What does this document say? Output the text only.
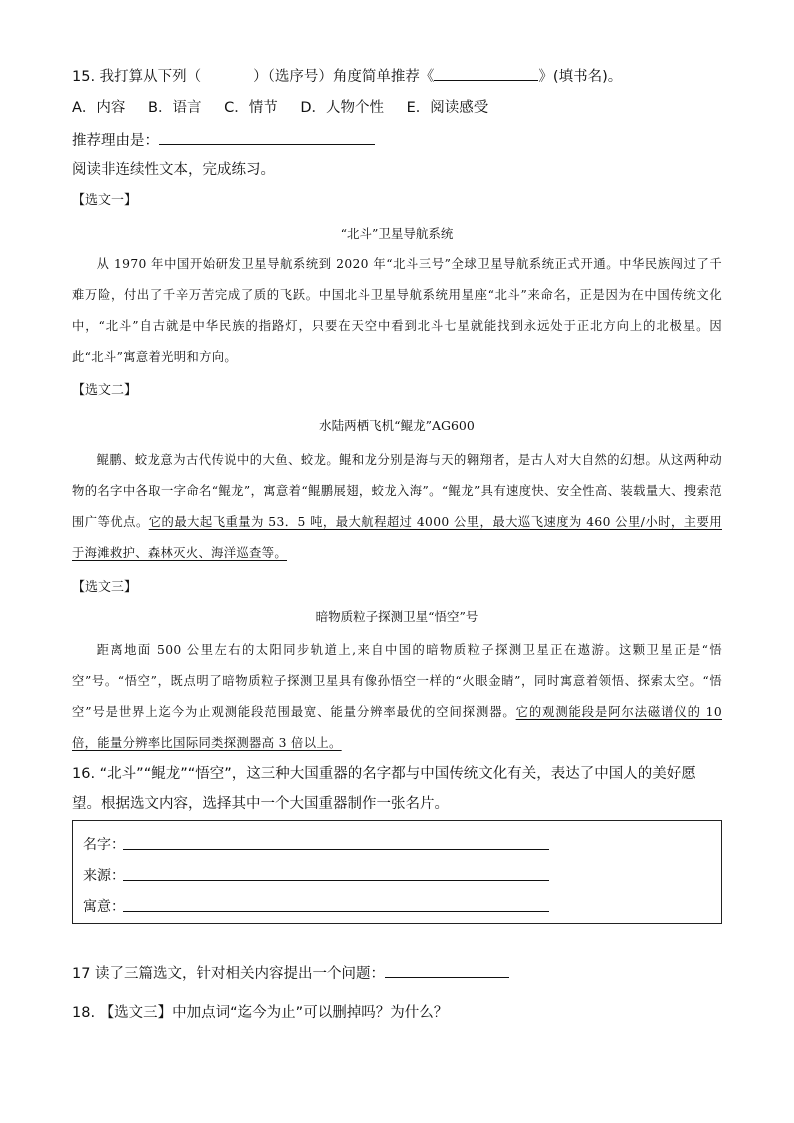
15. 我打算从下列（	）（选序号）角度简单推荐《	》(填书名)。
A．内容 B．语言 C．情节 D．人物个性 E．阅读感受
推荐理由是：
阅读非连续性文本，完成练习。
【选文一】
“北斗”卫星导航系统
从 1970 年中国开始研发卫星导航系统到 2020 年“北斗三号”全球卫星导航系统正式开通。中华民族闯过了千难万险，付出了千辛万苦完成了质的飞跃。中国北斗卫星导航系统用星座“北斗”来命名，正是因为在中国传统文化中，“北斗”自古就是中华民族的指路灯，只要在天空中看到北斗七星就能找到永远处于正北方向上的北极星。因此“北斗”寓意着光明和方向。
【选文二】
水陆两栖飞机“鲲龙”AG600
鲲鹏、蛟龙意为古代传说中的大鱼、蛟龙。鲲和龙分别是海与天的翱翔者，是古人对大自然的幻想。从这两种动物的名字中各取一字命名“鲲龙”，寓意着“鲲鹏展翅，蛟龙入海”。“鲲龙”具有速度快、安全性高、装载量大、搜索范围广等优点。它的最大起飞重量为 53．5 吨，最大航程超过 4000 公里，最大巡飞速度为 460 公里/小时，主要用于海滩救护、森林灭火、海洋巡查等。
【选文三】
暗物质粒子探测卫星“悟空”号
距离地面 500 公里左右的太阳同步轨道上,来自中国的暗物质粒子探测卫星正在遨游。这颗卫星正是“悟空”号。“悟空”，既点明了暗物质粒子探测卫星具有像孙悟空一样的“火眼金睛”，同时寓意着领悟、探索太空。“悟空”号是世界上迄今为止观测能段范围最宽、能量分辨率最优的空间探测器。它的观测能段是阿尔法磁谱仪的 10 倍，能量分辨率比国际同类探测器高 3 倍以上。
16. “北斗”“鲲龙”“悟空”，这三种大国重器的名字都与中国传统文化有关，表达了中国人的美好愿
望。根据选文内容，选择其中一个大国重器制作一张名片。
名字：
来源：
寓意：
17 读了三篇选文，针对相关内容提出一个问题：
18. 【选文三】中加点词“迄今为止”可以删掉吗？为什么？
